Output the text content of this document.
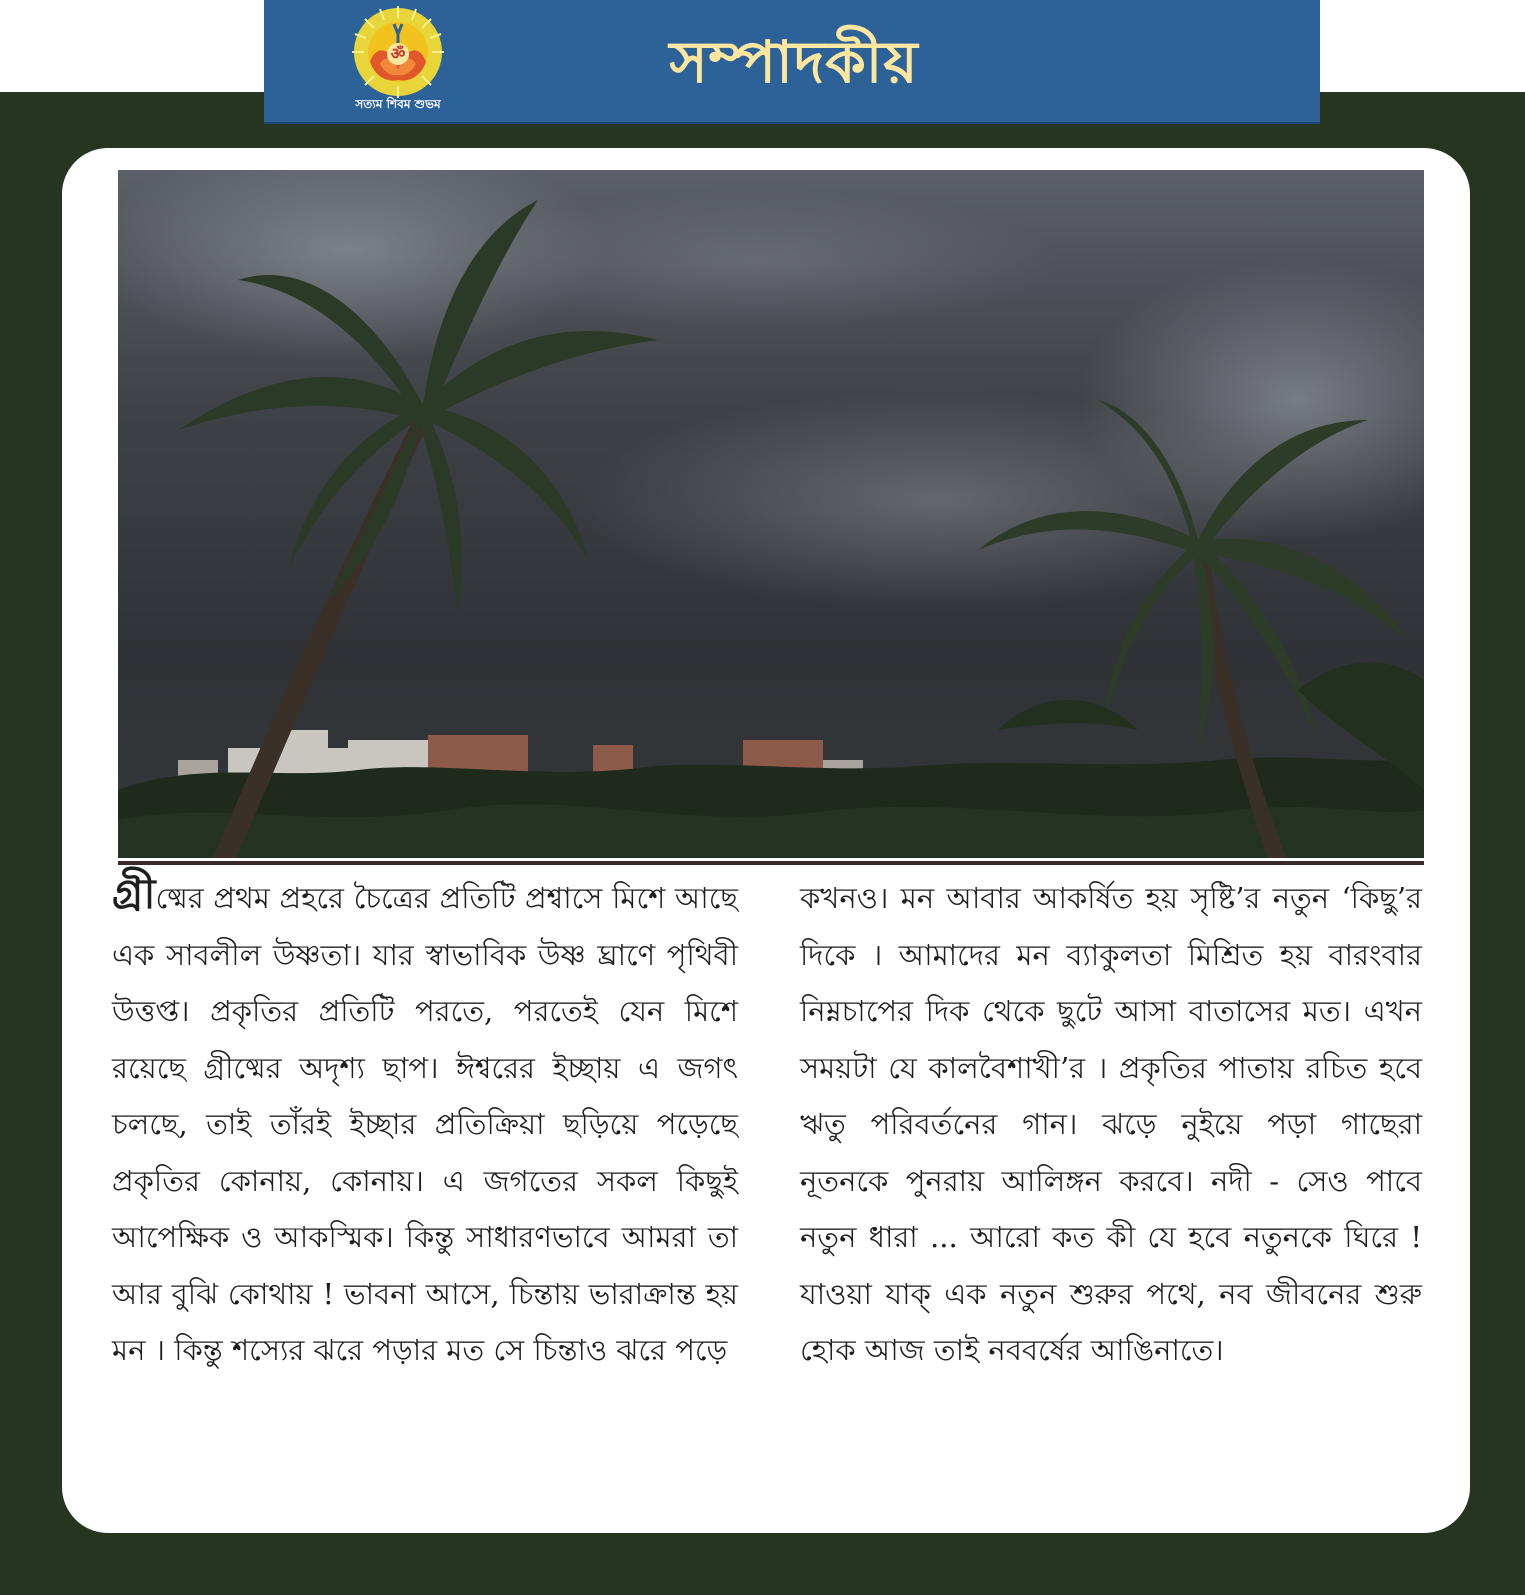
ॐ
সত্যম শিবম শুভম
সম্পাদকীয়

গ্রীষ্মের প্রথম প্রহরে চৈত্রের প্রতিটি প্রশ্বাসে মিশে আছে এক সাবলীল উষ্ণতা। যার স্বাভাবিক উষ্ণ ঘ্রাণে পৃথিবী উত্তপ্ত। প্রকৃতির প্রতিটি পরতে, পরতেই যেন মিশে রয়েছে গ্রীষ্মের অদৃশ্য ছাপ। ঈশ্বরের ইচ্ছায় এ জগৎ চলছে, তাই তাঁরই ইচ্ছার প্রতিক্রিয়া ছড়িয়ে পড়েছে প্রকৃতির কোনায়, কোনায়। এ জগতের সকল কিছুই আপেক্ষিক ও আকস্মিক। কিন্তু সাধারণভাবে আমরা তা আর বুঝি কোথায় ! ভাবনা আসে, চিন্তায় ভারাক্রান্ত হয় মন । কিন্তু শস্যের ঝরে পড়ার মত সে চিন্তাও ঝরে পড়ে

কখনও। মন আবার আকর্ষিত হয় সৃষ্টি’র নতুন ‘কিছু’র দিকে । আমাদের মন ব্যাকুলতা মিশ্রিত হয় বারংবার নিম্নচাপের দিক থেকে ছুটে আসা বাতাসের মত। এখন সময়টা যে কালবৈশাখী’র । প্রকৃতির পাতায় রচিত হবে ঋতু পরিবর্তনের গান। ঝড়ে নুইয়ে পড়া গাছেরা নূতনকে পুনরায় আলিঙ্গন করবে। নদী - সেও পাবে নতুন ধারা ... আরো কত কী যে হবে নতুনকে ঘিরে ! যাওয়া যাক্ এক নতুন শুরুর পথে, নব জীবনের শুরু হোক আজ তাই নববর্ষের আঙিনাতে।
